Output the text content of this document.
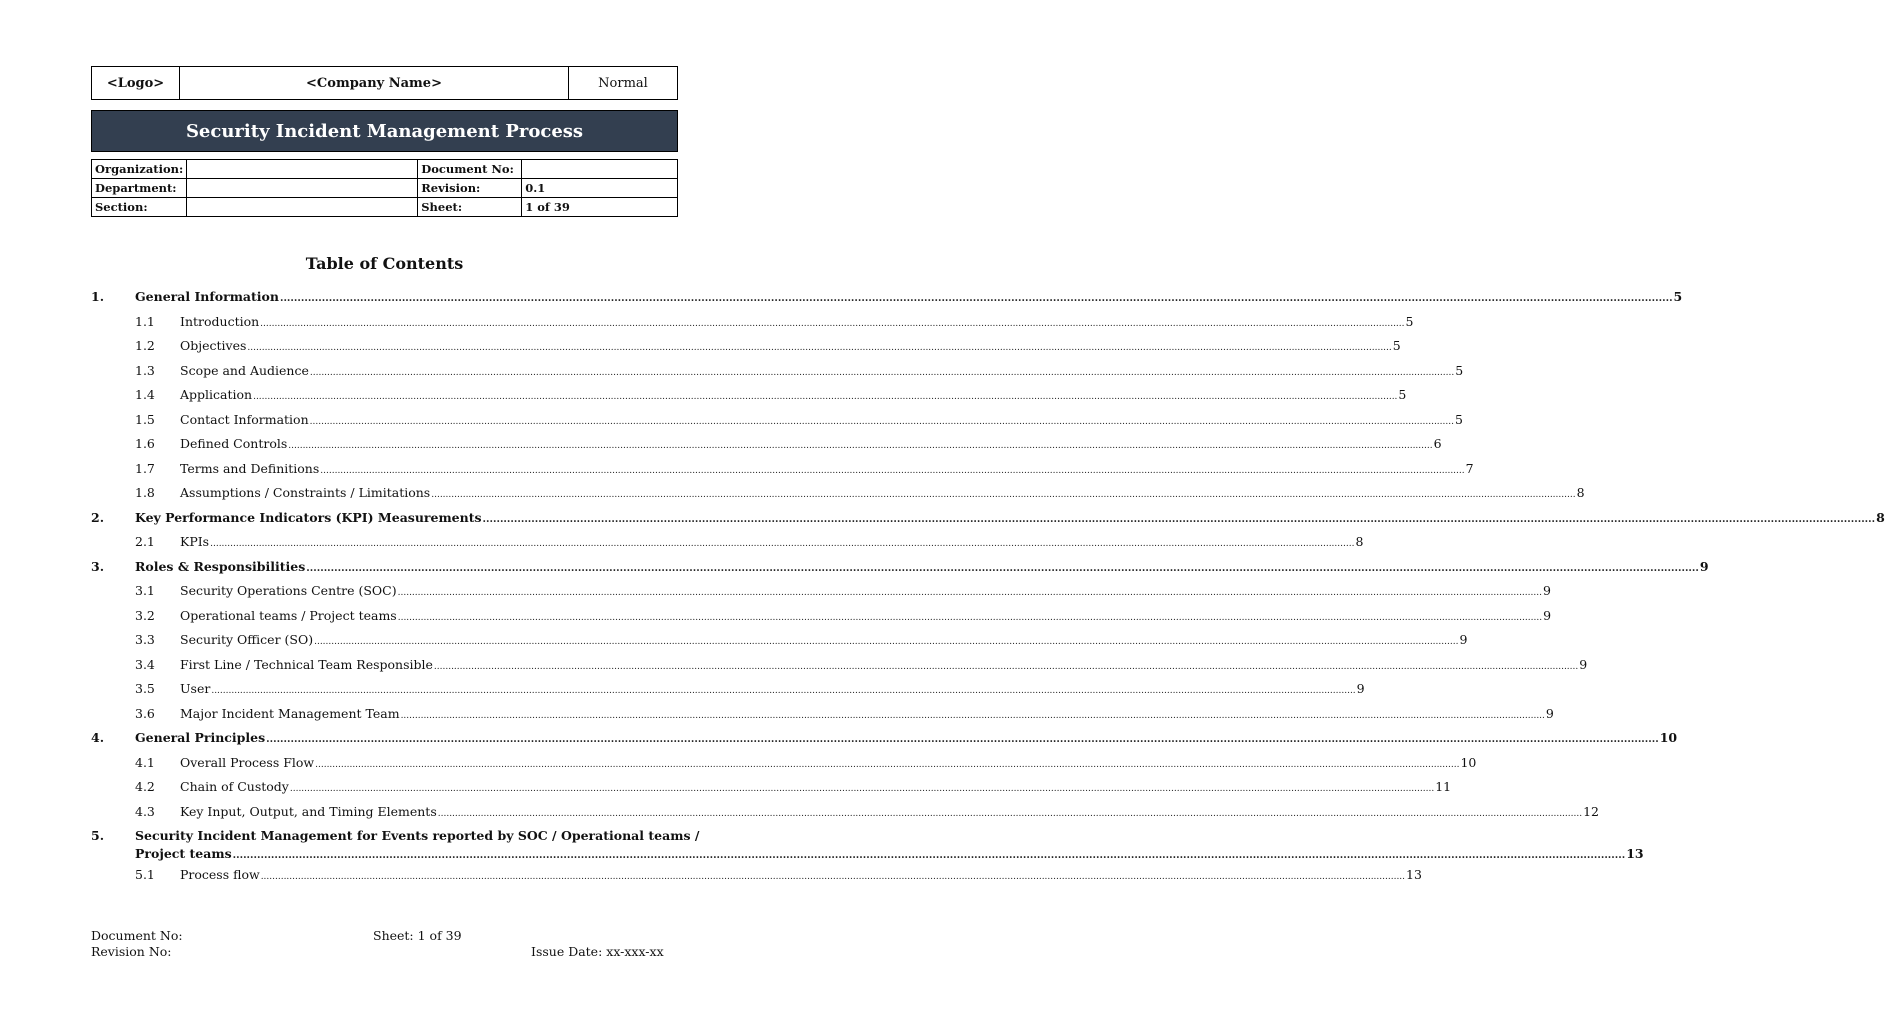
<Logo>	<Company Name>	Normal
Security Incident Management Process
Organization:		Document No:	
Department:		Revision:	0.1
Section:		Sheet:	1 of 39
Table of Contents
1.	General Information ................................................................................................................................................................................................................................................................................................................................................................................................................ 5
1.1	Introduction ................................................................................................................................................................................................................................................................................................................................................................................................................ 5
1.2	Objectives ................................................................................................................................................................................................................................................................................................................................................................................................................ 5
1.3	Scope and Audience ................................................................................................................................................................................................................................................................................................................................................................................................................ 5
1.4	Application ................................................................................................................................................................................................................................................................................................................................................................................................................ 5
1.5	Contact Information ................................................................................................................................................................................................................................................................................................................................................................................................................ 5
1.6	Defined Controls ................................................................................................................................................................................................................................................................................................................................................................................................................ 6
1.7	Terms and Definitions ................................................................................................................................................................................................................................................................................................................................................................................................................ 7
1.8	Assumptions / Constraints / Limitations ................................................................................................................................................................................................................................................................................................................................................................................................................ 8
2.	Key Performance Indicators (KPI) Measurements ................................................................................................................................................................................................................................................................................................................................................................................................................ 8
2.1	KPIs ................................................................................................................................................................................................................................................................................................................................................................................................................ 8
3.	Roles & Responsibilities ................................................................................................................................................................................................................................................................................................................................................................................................................ 9
3.1	Security Operations Centre (SOC) ................................................................................................................................................................................................................................................................................................................................................................................................................ 9
3.2	Operational teams / Project teams ................................................................................................................................................................................................................................................................................................................................................................................................................ 9
3.3	Security Officer (SO) ................................................................................................................................................................................................................................................................................................................................................................................................................ 9
3.4	First Line / Technical Team Responsible ................................................................................................................................................................................................................................................................................................................................................................................................................ 9
3.5	User ................................................................................................................................................................................................................................................................................................................................................................................................................ 9
3.6	Major Incident Management Team ................................................................................................................................................................................................................................................................................................................................................................................................................ 9
4.	General Principles ................................................................................................................................................................................................................................................................................................................................................................................................................ 10
4.1	Overall Process Flow ................................................................................................................................................................................................................................................................................................................................................................................................................ 10
4.2	Chain of Custody ................................................................................................................................................................................................................................................................................................................................................................................................................ 11
4.3	Key Input, Output, and Timing Elements ................................................................................................................................................................................................................................................................................................................................................................................................................ 12
5.	Security Incident Management for Events reported by SOC / Operational teams /
Project teams ................................................................................................................................................................................................................................................................................................................................................................................................................ 13
5.1	Process flow ................................................................................................................................................................................................................................................................................................................................................................................................................ 13
Document No:
Revision No:
Sheet: 1 of 39
Issue Date: xx-xxx-xx
